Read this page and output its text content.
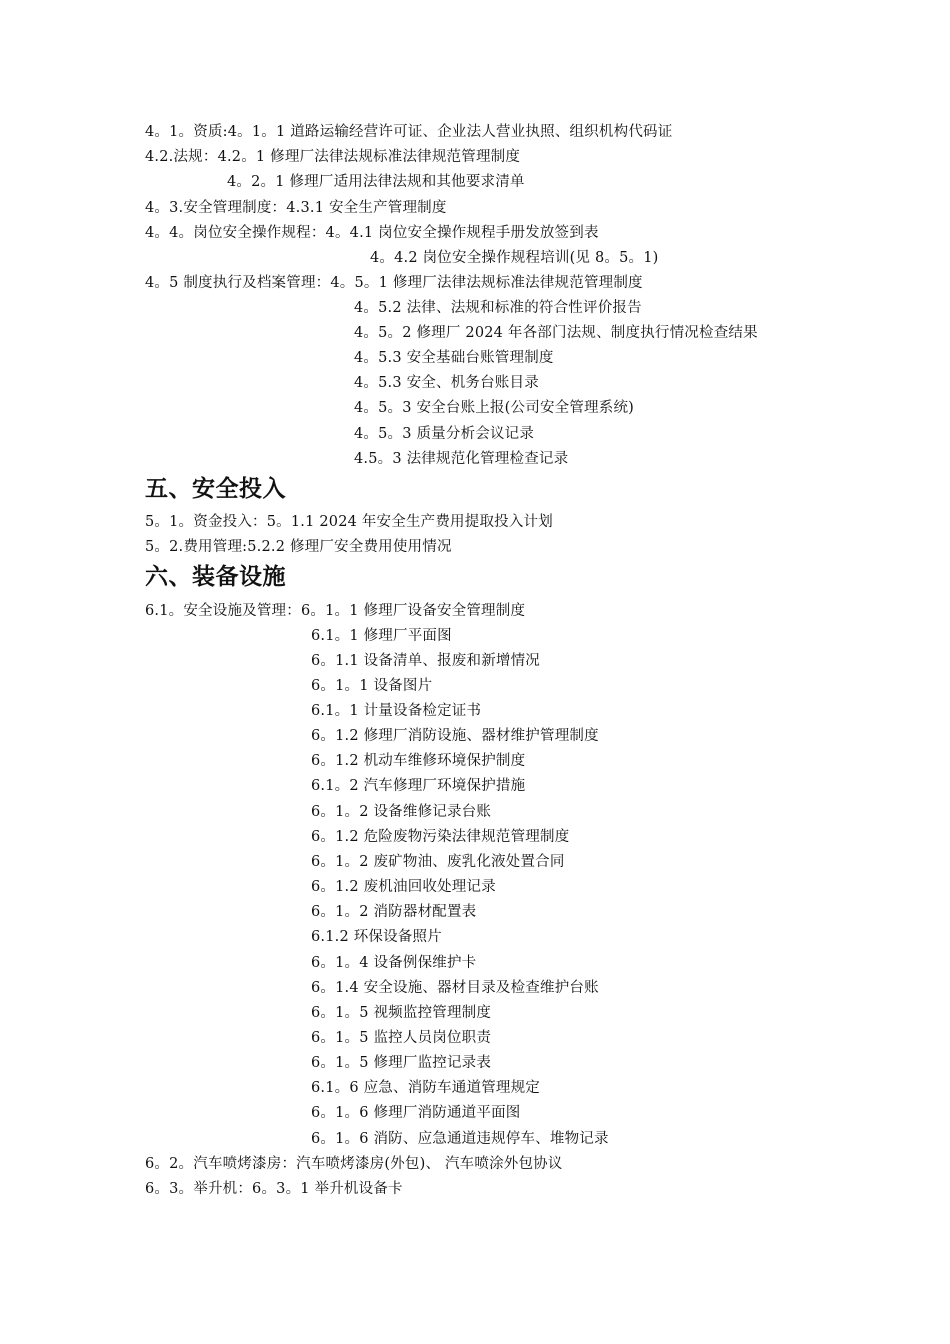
4。1。资质:4。1。1 道路运输经营许可证、企业法人营业执照、组织机构代码证
4.2.法规：4.2。1 修理厂法律法规标准法律规范管理制度
4。2。1 修理厂适用法律法规和其他要求清单
4。3.安全管理制度：4.3.1 安全生产管理制度
4。4。岗位安全操作规程：4。4.1 岗位安全操作规程手册发放签到表
4。4.2 岗位安全操作规程培训(见 8。5。1)
4。5 制度执行及档案管理：4。5。1 修理厂法律法规标准法律规范管理制度
4。5.2 法律、法规和标准的符合性评价报告
4。5。2 修理厂 2024 年各部门法规、制度执行情况检查结果
4。5.3 安全基础台账管理制度
4。5.3 安全、机务台账目录
4。5。3 安全台账上报(公司安全管理系统)
4。5。3 质量分析会议记录
4.5。3 法律规范化管理检查记录
五、安全投入
5。1。资金投入：5。1.1 2024 年安全生产费用提取投入计划
5。2.费用管理:5.2.2 修理厂安全费用使用情况
六、装备设施
6.1。安全设施及管理：6。1。1 修理厂设备安全管理制度
6.1。1 修理厂平面图
6。1.1 设备清单、报废和新增情况
6。1。1 设备图片
6.1。1 计量设备检定证书
6。1.2 修理厂消防设施、器材维护管理制度
6。1.2 机动车维修环境保护制度
6.1。2 汽车修理厂环境保护措施
6。1。2 设备维修记录台账
6。1.2 危险废物污染法律规范管理制度
6。1。2 废矿物油、废乳化液处置合同
6。1.2 废机油回收处理记录
6。1。2 消防器材配置表
6.1.2 环保设备照片
6。1。4 设备例保维护卡
6。1.4 安全设施、器材目录及检查维护台账
6。1。5 视频监控管理制度
6。1。5 监控人员岗位职责
6。1。5 修理厂监控记录表
6.1。6 应急、消防车通道管理规定
6。1。6 修理厂消防通道平面图
6。1。6 消防、应急通道违规停车、堆物记录
6。2。汽车喷烤漆房：汽车喷烤漆房(外包)、 汽车喷涂外包协议
6。3。举升机：6。3。1 举升机设备卡
